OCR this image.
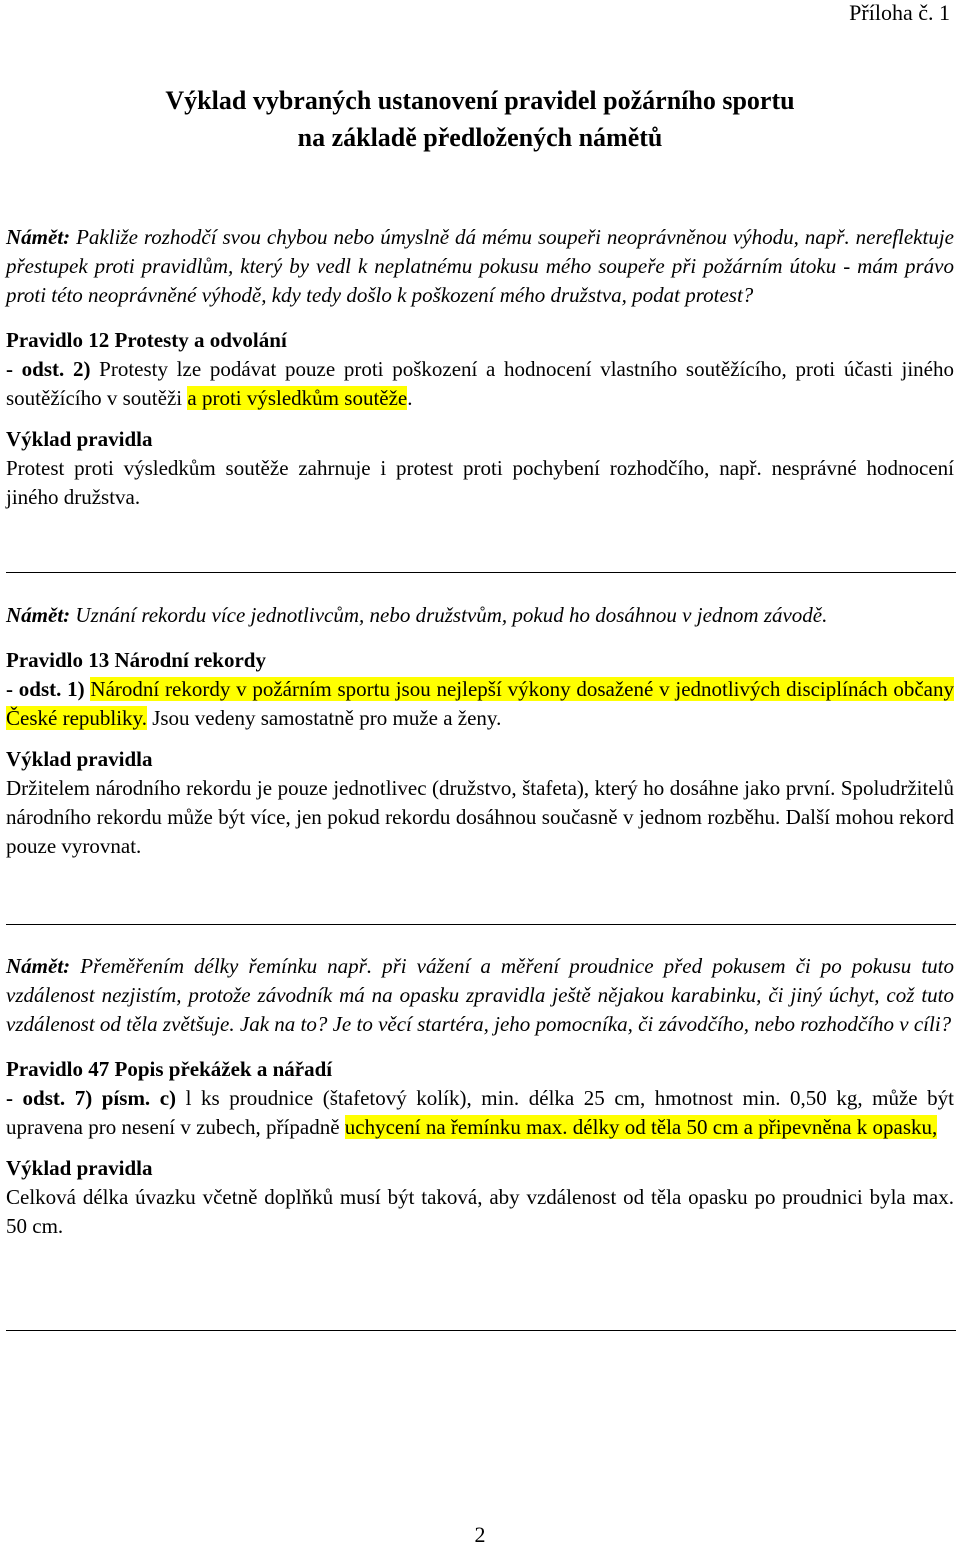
Příloha č. 1
Výklad vybraných ustanovení pravidel požárního sportu
na základě předložených námětů

Námět: Pakliže rozhodčí svou chybou nebo úmyslně dá mému soupeři neoprávněnou výhodu, např. nereflektuje přestupek proti pravidlům, který by vedl k neplatnému pokusu mého soupeře při požárním útoku - mám právo proti této neoprávněné výhodě, kdy tedy došlo k poškození mého družstva, podat protest?

Pravidlo 12 Protesty a odvolání

- odst. 2) Protesty lze podávat pouze proti poškození a hodnocení vlastního soutěžícího, proti účasti jiného soutěžícího v soutěži a proti výsledkům soutěže.

Výklad pravidla

Protest proti výsledkům soutěže zahrnuje i protest proti pochybení rozhodčího, např. nesprávné hodnocení jiného družstva.

Námět: Uznání rekordu více jednotlivcům, nebo družstvům, pokud ho dosáhnou v jednom závodě.

Pravidlo 13 Národní rekordy

- odst. 1) Národní rekordy v požárním sportu jsou nejlepší výkony dosažené v jednotlivých disciplínách občany České republiky. Jsou vedeny samostatně pro muže a ženy.

Výklad pravidla

Držitelem národního rekordu je pouze jednotlivec (družstvo, štafeta), který ho dosáhne jako první. Spoludržitelů národního rekordu může být více, jen pokud rekordu dosáhnou současně v jednom rozběhu. Další mohou rekord pouze vyrovnat.

Námět: Přeměřením délky řemínku např. při vážení a měření proudnice před pokusem či po pokusu tuto vzdálenost nezjistím, protože závodník má na opasku zpravidla ještě nějakou karabinku, či jiný úchyt, což tuto vzdálenost od těla zvětšuje. Jak na to? Je to věcí startéra, jeho pomocníka, či závodčího, nebo rozhodčího v cíli?

Pravidlo 47 Popis překážek a nářadí

- odst. 7) písm. c) l ks proudnice (štafetový kolík), min. délka 25 cm, hmotnost min. 0,50 kg, může být upravena pro nesení v zubech, případně uchycení na řemínku max. délky od těla 50 cm a připevněna k opasku,

Výklad pravidla

Celková délka úvazku včetně doplňků musí být taková, aby vzdálenost od těla opasku po proudnici byla max. 50 cm.

2
